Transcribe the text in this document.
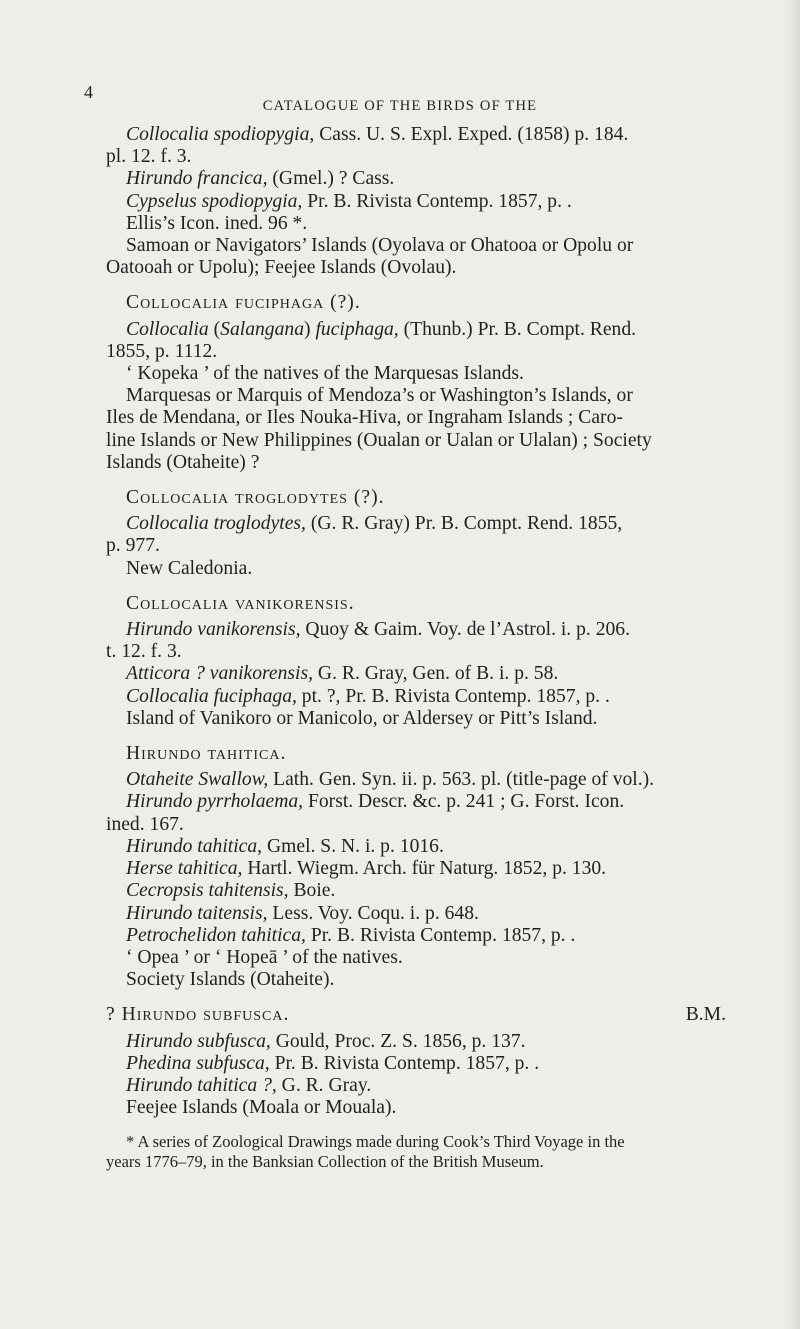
4
CATALOGUE OF THE BIRDS OF THE
Collocalia spodiopygia, Cass. U. S. Expl. Exped. (1858) p. 184.
pl. 12. f. 3.
Hirundo francica, (Gmel.) ? Cass.
Cypselus spodiopygia, Pr. B. Rivista Contemp. 1857, p. .
Ellis’s Icon. ined. 96 *.
Samoan or Navigators’ Islands (Oyolava or Ohatooa or Opolu or
Oatooah or Upolu); Feejee Islands (Ovolau).
Collocalia fuciphaga (?).
Collocalia (Salangana) fuciphaga, (Thunb.) Pr. B. Compt. Rend.
1855, p. 1112.
‘ Kopeka ’ of the natives of the Marquesas Islands.
Marquesas or Marquis of Mendoza’s or Washington’s Islands, or
Iles de Mendana, or Iles Nouka-Hiva, or Ingraham Islands ; Caro-
line Islands or New Philippines (Oualan or Ualan or Ulalan) ; Society
Islands (Otaheite) ?
Collocalia troglodytes (?).
Collocalia troglodytes, (G. R. Gray) Pr. B. Compt. Rend. 1855,
p. 977.
New Caledonia.
Collocalia vanikorensis.
Hirundo vanikorensis, Quoy & Gaim. Voy. de l’Astrol. i. p. 206.
t. 12. f. 3.
Atticora ? vanikorensis, G. R. Gray, Gen. of B. i. p. 58.
Collocalia fuciphaga, pt. ?, Pr. B. Rivista Contemp. 1857, p. .
Island of Vanikoro or Manicolo, or Aldersey or Pitt’s Island.
Hirundo tahitica.
Otaheite Swallow, Lath. Gen. Syn. ii. p. 563. pl. (title-page of vol.).
Hirundo pyrrholaema, Forst. Descr. &c. p. 241 ; G. Forst. Icon.
ined. 167.
Hirundo tahitica, Gmel. S. N. i. p. 1016.
Herse tahitica, Hartl. Wiegm. Arch. für Naturg. 1852, p. 130.
Cecropsis tahitensis, Boie.
Hirundo taitensis, Less. Voy. Coqu. i. p. 648.
Petrochelidon tahitica, Pr. B. Rivista Contemp. 1857, p. .
‘ Opea ’ or ‘ Hopeā ’ of the natives.
Society Islands (Otaheite).
? Hirundo subfusca.	B.M.
Hirundo subfusca, Gould, Proc. Z. S. 1856, p. 137.
Phedina subfusca, Pr. B. Rivista Contemp. 1857, p. .
Hirundo tahitica ?, G. R. Gray.
Feejee Islands (Moala or Mouala).
* A series of Zoological Drawings made during Cook’s Third Voyage in the
years 1776–79, in the Banksian Collection of the British Museum.
